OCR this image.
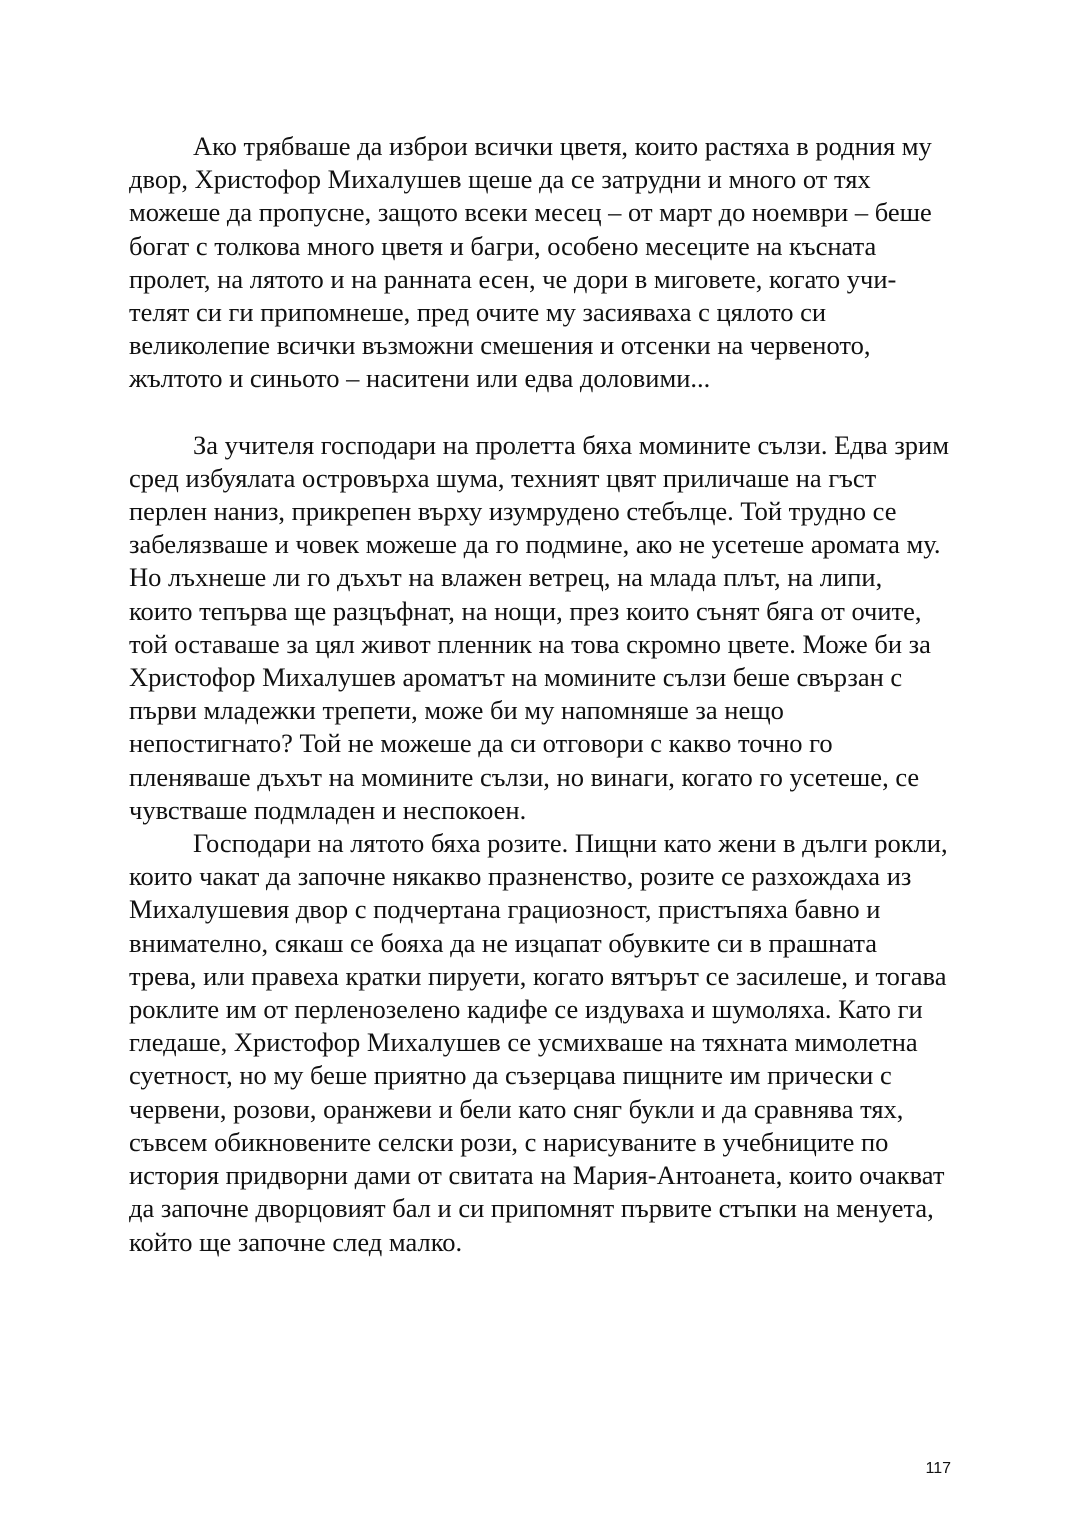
Ако трябваше да изброи всички цветя, които растяха в родния му двор, Христофор Михалушев щеше да се затрудни и много от тях можеше да пропусне, защото всеки месец – от март до ноември – беше богат с толкова много цветя и багри, особено месеците на късната пролет, на лятото и на ранната есен, че дори в миговете, когато учи- телят си ги припомнеше, пред очите му засияваха с цялото си великолепие всички възможни смешения и отсенки на червеното, жълтото и синьото – наситени или едва доловими...

За учителя господари на пролетта бяха момините сълзи. Едва зрим сред избуялата островърха шума, техният цвят приличаше на гъст перлен наниз, прикрепен върху изумрудено стебълце. Той трудно се забелязваше и човек можеше да го подмине, ако не усетеше аромата му. Но лъхнеше ли го дъхът на влажен ветрец, на млада плът, на липи, които тепърва ще разцъфнат, на нощи, през които сънят бяга от очите, той оставаше за цял живот пленник на това скромно цвете. Може би за Христофор Михалушев ароматът на момините сълзи беше свързан с първи младежки трепети, може би му напомняше за нещо непостигнато? Той не можеше да си отговори с какво точно го пленяваше дъхът на момините сълзи, но винаги, когато го усетеше, се чувстваше подмладен и неспокоен.

Господари на лятото бяха розите. Пищни като жени в дълги рокли, които чакат да започне някакво празненство, розите се разхождаха из Михалушевия двор с подчертана грациозност, пристъпяха бавно и внимателно, сякаш се бояха да не изцапат обувките си в прашната трева, или правеха кратки пируети, когато вятърът се засилеше, и тогава роклите им от перленозелено кадифе се издуваха и шумоляха. Като ги гледаше, Христофор Михалушев се усмихваше на тяхната мимолетна суетност, но му беше приятно да съзерцава пищните им прически с червени, розови, оранжеви и бели като сняг букли и да сравнява тях, съвсем обикновените селски рози, с нарисуваните в учебниците по история придворни дами от свитата на Мария-Антоанета, които очакват да започне дворцовият бал и си припомнят първите стъпки на менуета, който ще започне след малко.

117
